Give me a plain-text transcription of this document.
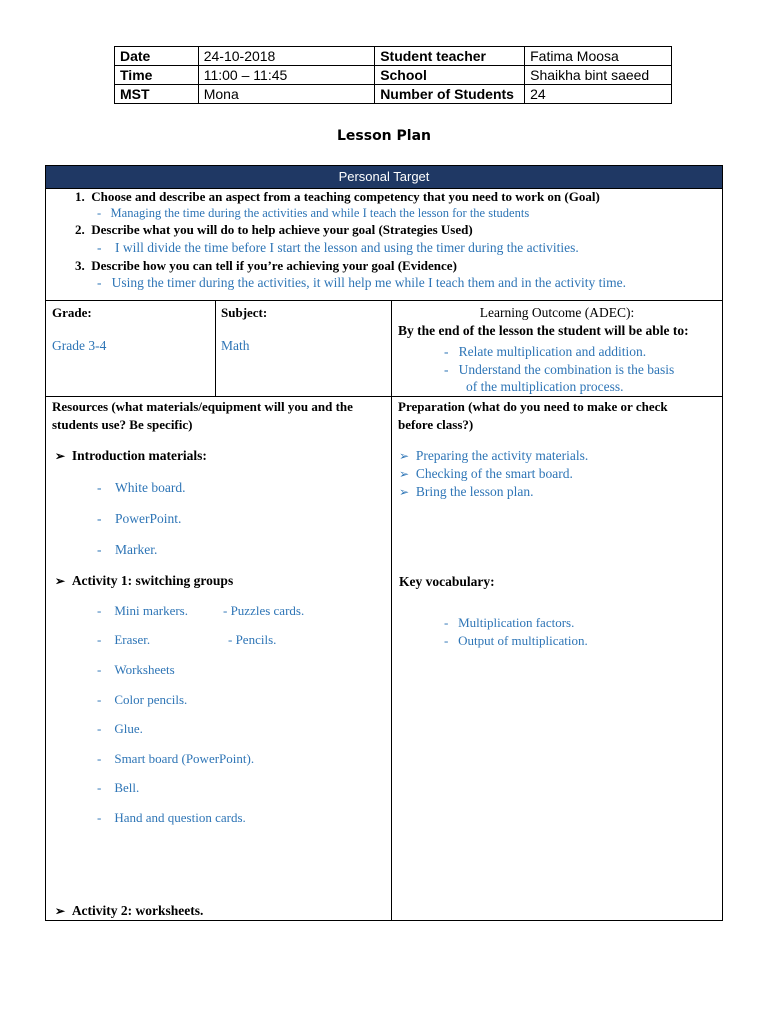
Date	24-10-2018	Student teacher	Fatima Moosa
Time	11:00 – 11:45	School	Shaikha bint saeed
MST	Mona	Number of Students	24
Lesson Plan
Personal Target
1. Choose and describe an aspect from a teaching competency that you need to work on (Goal)
- Managing the time during the activities and while I teach the lesson for the students
2. Describe what you will do to help achieve your goal (Strategies Used)
-    I will divide the time before I start the lesson and using the timer during the activities.
3. Describe how you can tell if you’re achieving your goal (Evidence)
- Using the timer during the activities, it will help me while I teach them and in the activity time.
Grade:
Grade 3-4
Subject:
Math
Learning Outcome (ADEC):
By the end of the lesson the student will be able to:
- Relate multiplication and addition.
- Understand the combination is the basis
of the multiplication process.
Resources (what materials/equipment will you and the
students use? Be specific)
➢ Introduction materials:
- White board.
- PowerPoint.
- Marker.
➢ Activity 1: switching groups
- Mini markers.	- Puzzles cards.
- Eraser.	- Pencils.
- Worksheets
- Color pencils.
- Glue.
- Smart board (PowerPoint).
- Bell.
- Hand and question cards.
➢ Activity 2: worksheets.
Preparation (what do you need to make or check
before class?)
➢ Preparing the activity materials.
➢ Checking of the smart board.
➢ Bring the lesson plan.
Key vocabulary:
- Multiplication factors.
- Output of multiplication.
